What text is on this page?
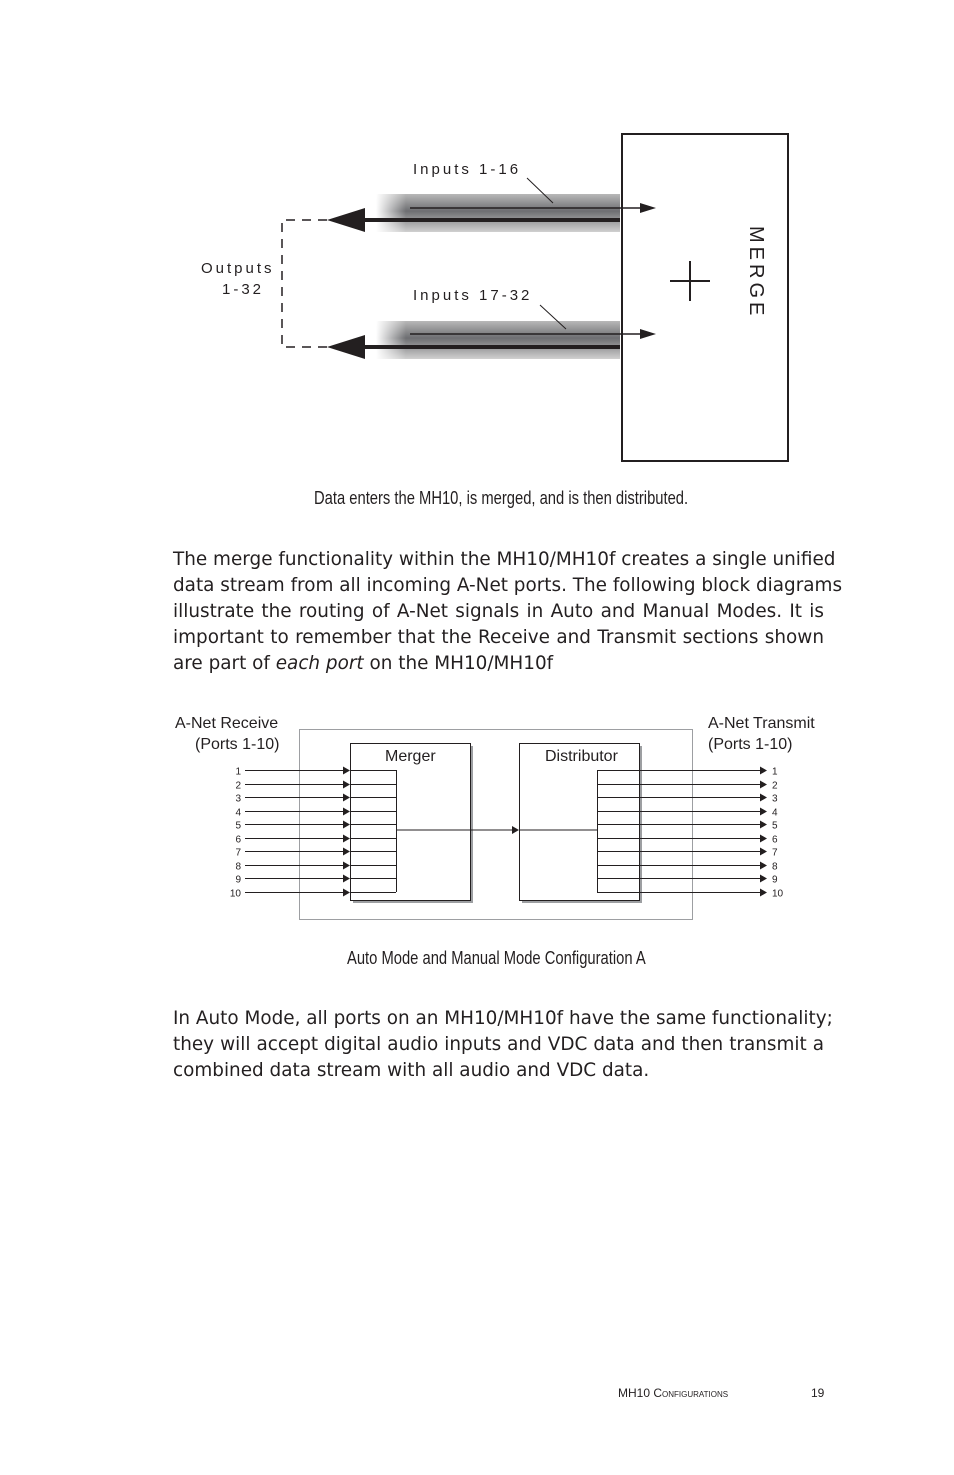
MERGE
Inputs 1-16
Inputs 17-32
Outputs
1-32
Data enters the MH10, is merged, and is then distributed.
The merge functionality within the MH10/MH10f creates a single unified
data stream from all incoming A-Net ports. The following block diagrams
illustrate the routing of A-Net signals in Auto and Manual Modes. It is
important to remember that the Receive and Transmit sections shown
are part of each port on the MH10/MH10f
Merger	Distributor
A-Net Receive
(Ports 1-10)
A-Net Transmit
(Ports 1-10)
1
2
3
4
5
6
7
8
9
10
1
2
3
4
5
6
7
8
9
10
Auto Mode and Manual Mode Configuration A
In Auto Mode, all ports on an MH10/MH10f have the same functionality;
they will accept digital audio inputs and VDC data and then transmit a
combined data stream with all audio and VDC data.
MH10 Configurations	19
